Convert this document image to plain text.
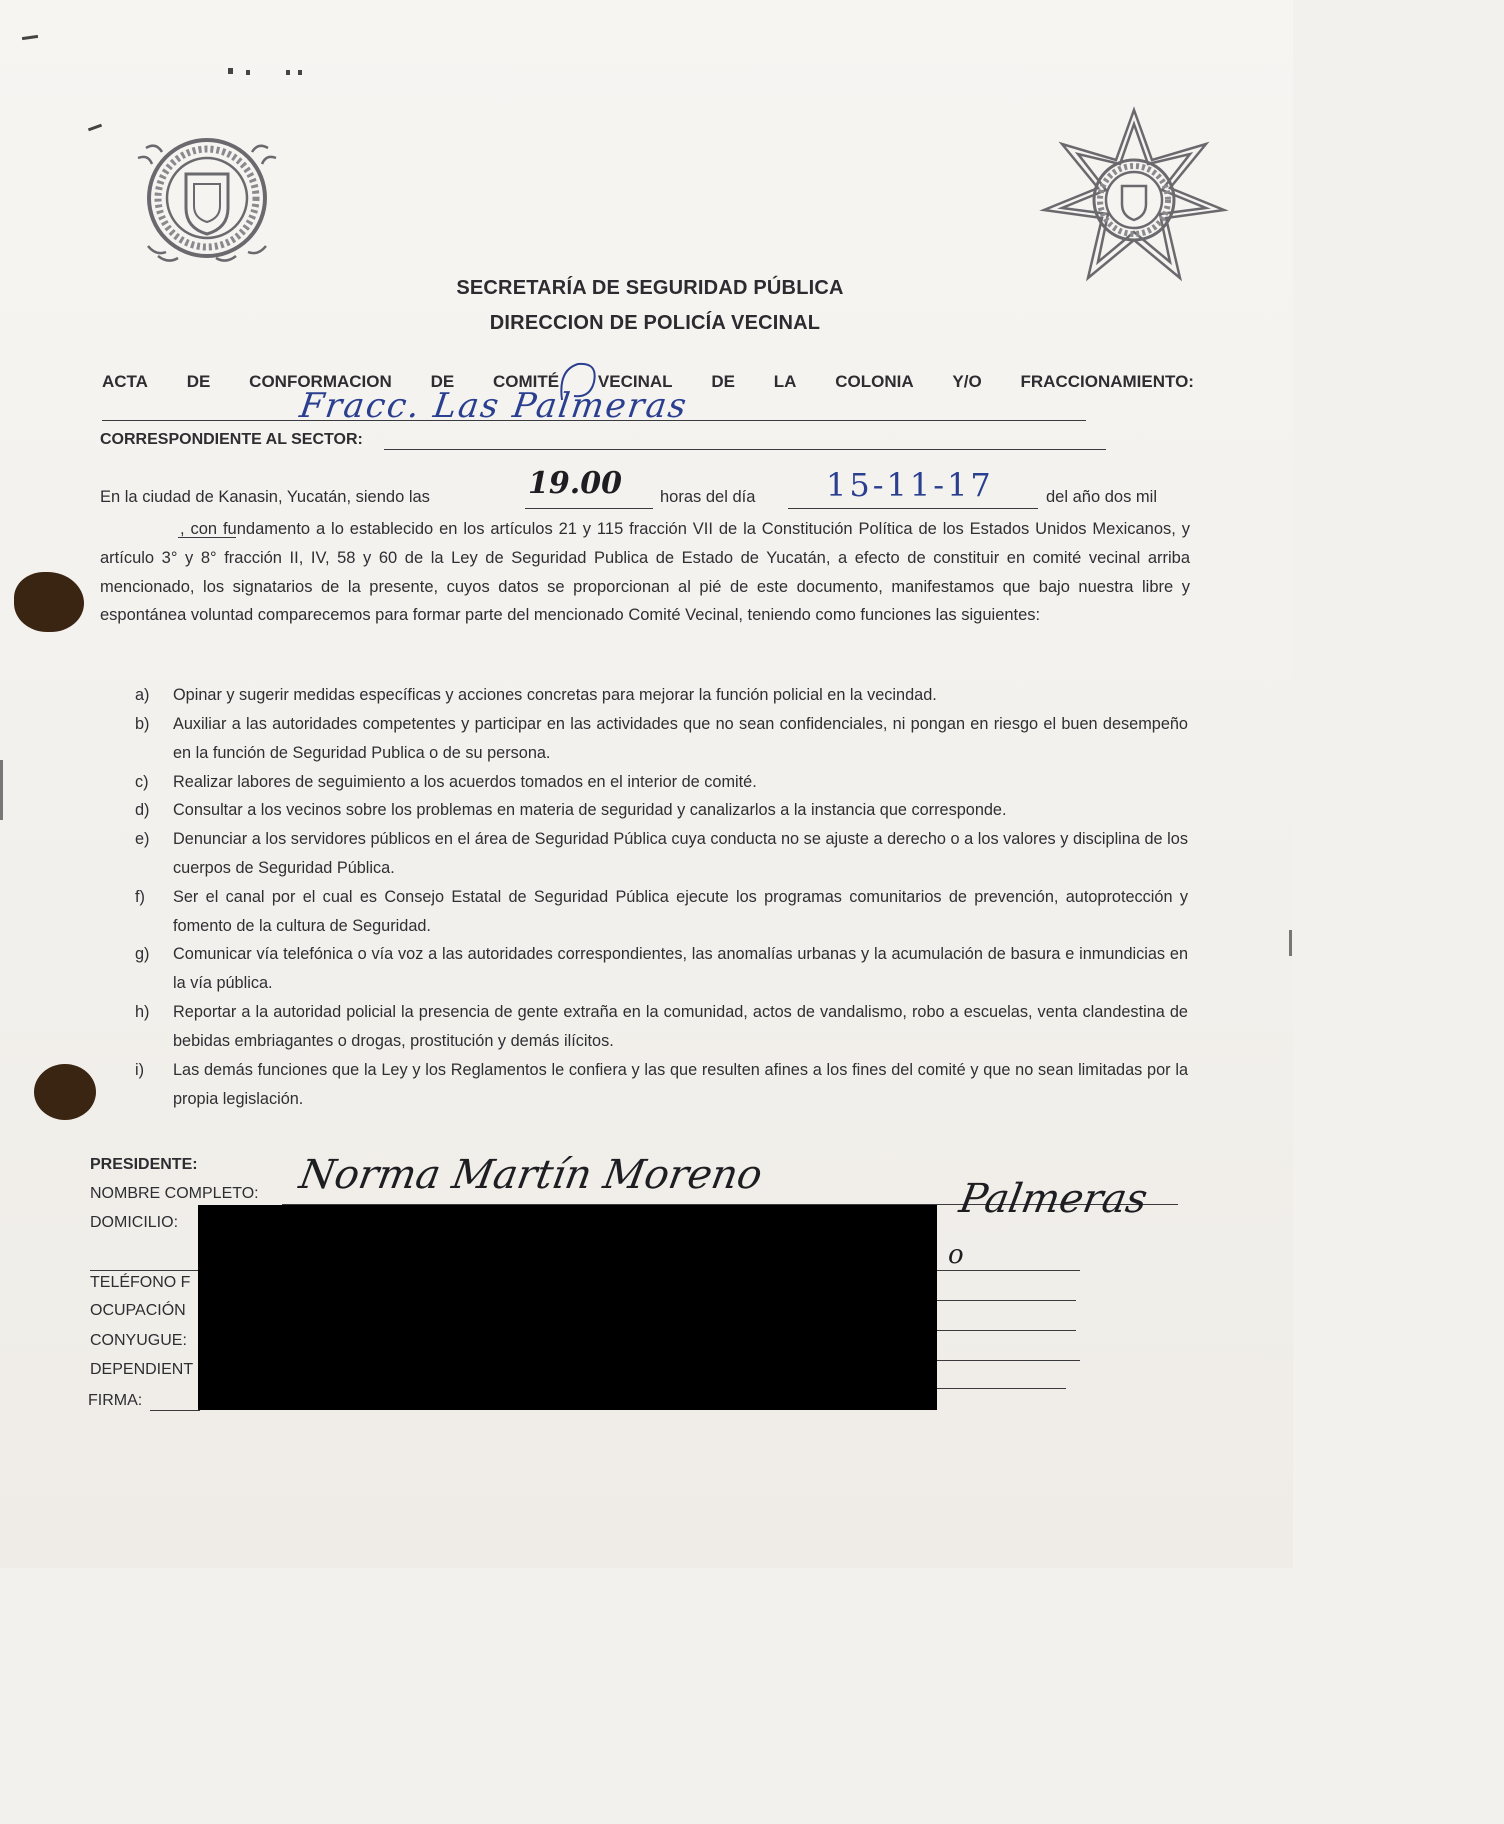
SECRETARÍA DE SEGURIDAD PÚBLICA
DIRECCION DE POLICÍA VECINAL
ACTA DE CONFORMACION DE COMITÉ VECINAL DE LA COLONIA Y/O FRACCIONAMIENTO:
Fracc. Las Palmeras
CORRESPONDIENTE AL SECTOR:
En la ciudad de Kanasin, Yucatán, siendo las	horas del día	del año dos mil
19.00	15-11-17
, con fundamento a lo establecido en los artículos 21 y 115 fracción VII de la Constitución Política de los Estados Unidos Mexicanos, y artículo 3° y 8° fracción II, IV, 58 y 60 de la Ley de Seguridad Publica de Estado de Yucatán, a efecto de constituir en comité vecinal arriba mencionado, los signatarios de la presente, cuyos datos se proporcionan al pié de este documento, manifestamos que bajo nuestra libre y espontánea voluntad comparecemos para formar parte del mencionado Comité Vecinal, teniendo como funciones las siguientes:
a)	Opinar y sugerir medidas específicas y acciones concretas para mejorar la función policial en la vecindad.
b)	Auxiliar a las autoridades competentes y participar en las actividades que no sean confidenciales, ni pongan en riesgo el buen desempeño en la función de Seguridad Publica o de su persona.
c)	Realizar labores de seguimiento a los acuerdos tomados en el interior de comité.
d)	Consultar a los vecinos sobre los problemas en materia de seguridad y canalizarlos a la instancia que corresponde.
e)	Denunciar a los servidores públicos en el área de Seguridad Pública cuya conducta no se ajuste a derecho o a los valores y disciplina de los cuerpos de Seguridad Pública.
f)	Ser el canal por el cual es Consejo Estatal de Seguridad Pública ejecute los programas comunitarios de prevención, autoprotección y fomento de la cultura de Seguridad.
g)	Comunicar vía telefónica o vía voz a las autoridades correspondientes, las anomalías urbanas y la acumulación de basura e inmundicias en la vía pública.
h)	Reportar a la autoridad policial la presencia de gente extraña en la comunidad, actos de vandalismo, robo a escuelas, venta clandestina de bebidas embriagantes o drogas, prostitución y demás ilícitos.
i)	Las demás funciones que la Ley y los Reglamentos le confiera y las que resulten afines a los fines del comité y que no sean limitadas por la propia legislación.
PRESIDENTE:
NOMBRE COMPLETO: Norma Martín Moreno
DOMICILIO:
Palmeras
o
TELÉFONO F
OCUPACIÓN
CONYUGUE:
DEPENDIENT
FIRMA:
